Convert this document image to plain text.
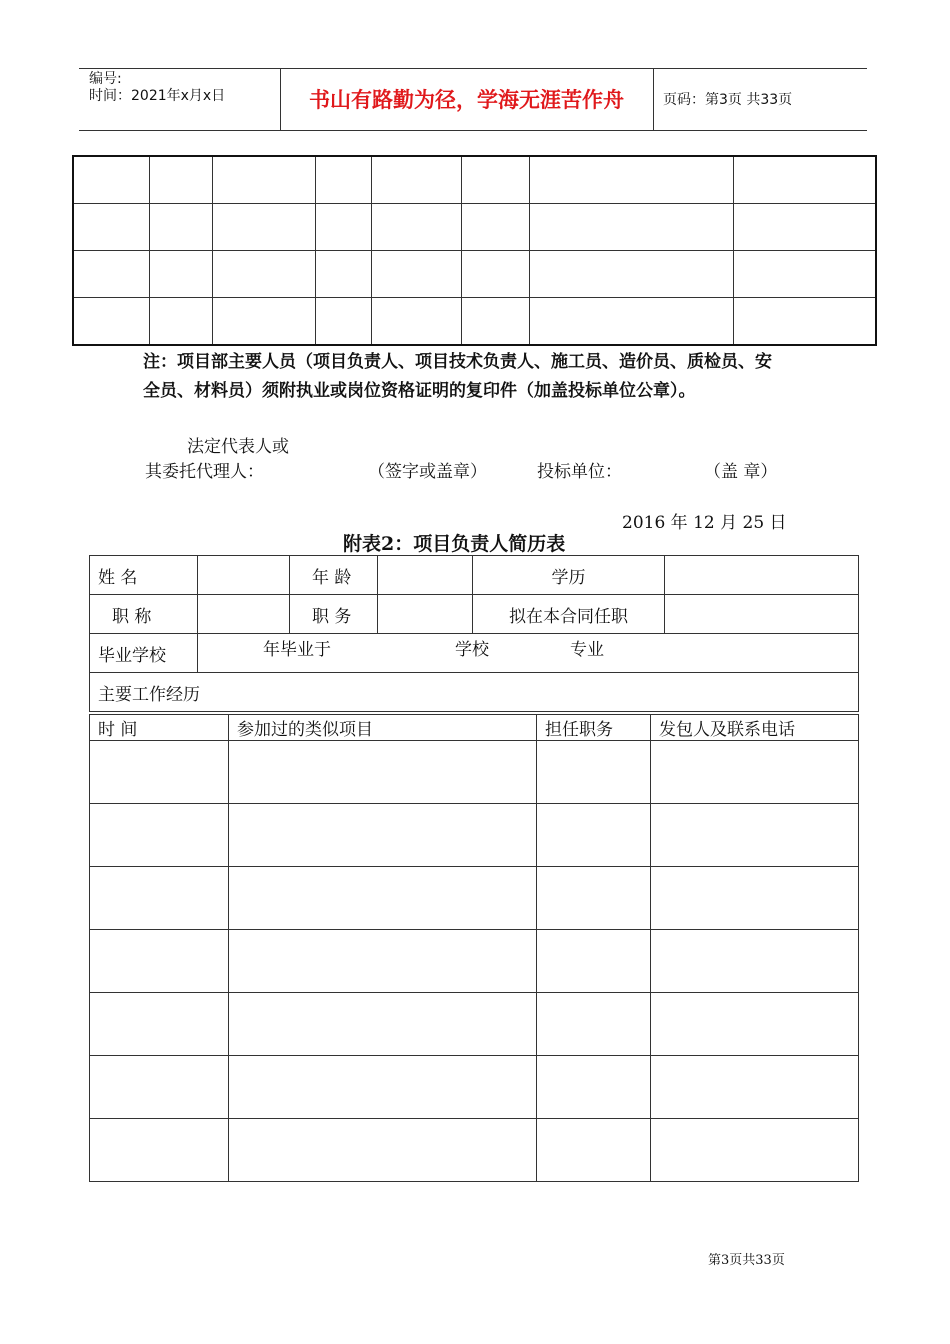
编号:
时间：2021年x月x日	书山有路勤为径，学海无涯苦作舟	页码：第3页 共33页

注：项目部主要人员（项目负责人、项目技术负责人、施工员、造价员、质检员、安
全员、材料员）须附执业或岗位资格证明的复印件（加盖投标单位公章）。
法定代表人或
其委托代理人：	（签字或盖章）	投标单位：	（盖 章）
2016 年 12 月 25 日
附表2：项目负责人简历表
姓 名		年 龄		学历	
职 称		职 务		拟在本合同任职	
毕业学校	年毕业于 学校 专业				

主要工作经历					
时 间	参加过的类似项目	担任职务	发包人及联系电话

第3页共33页
